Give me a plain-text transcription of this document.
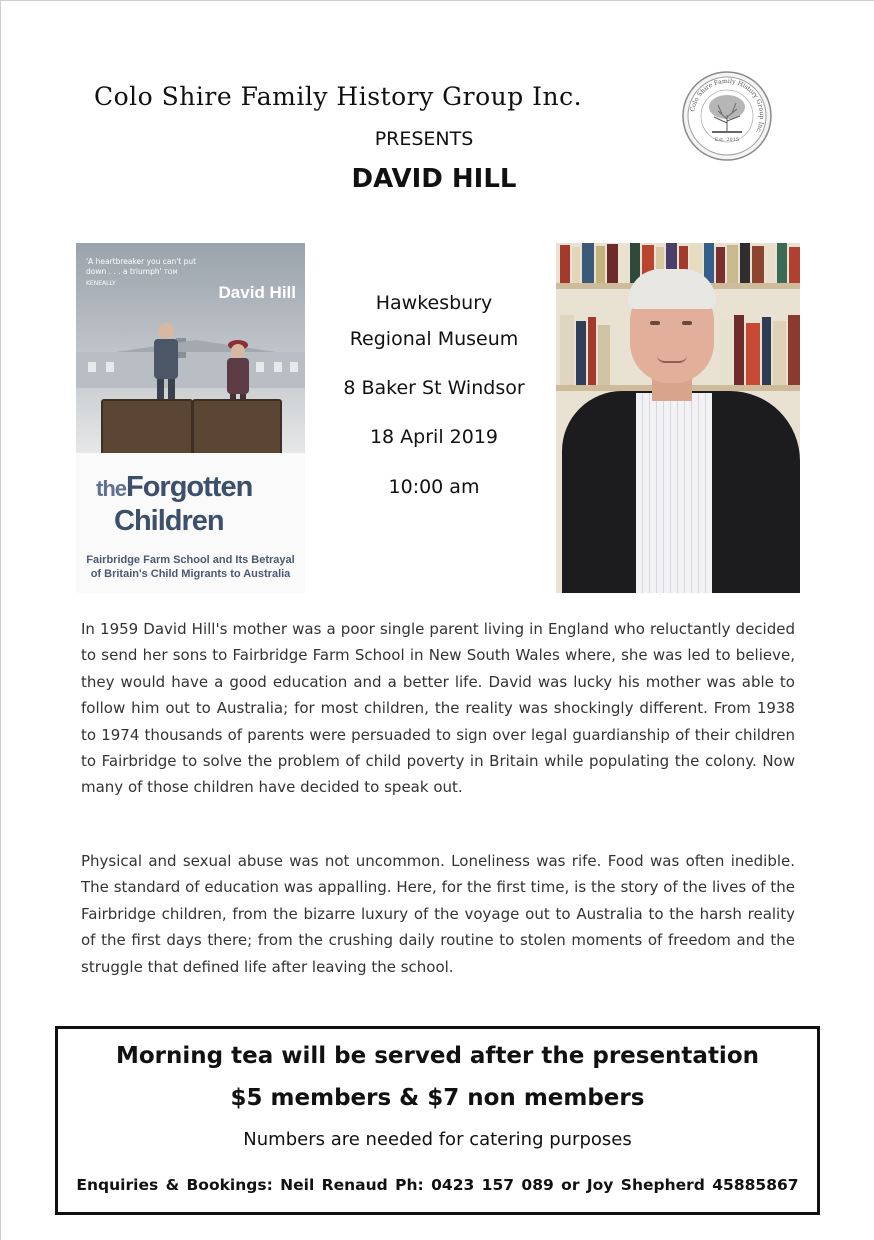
Colo Shire Family History Group Inc.
PRESENTS
DAVID HILL
Colo Shire Family History Group Inc.
Est. 2015
'A heartbreaker you can't put down . . . a triumph' TOM KENEALLY	David Hill
theForgotten
Children
Fairbridge Farm School and Its Betrayal of Britain's Child Migrants to Australia
Hawkesbury
Regional Museum
8 Baker St Windsor
18 April 2019
10:00 am

In 1959 David Hill's mother was a poor single parent living in England who reluctantly decided to send her sons to Fairbridge Farm School in New South Wales where, she was led to believe, they would have a good education and a better life. David was lucky his mother was able to follow him out to Australia; for most children, the reality was shockingly different. From 1938 to 1974 thousands of parents were persuaded to sign over legal guardianship of their children to Fairbridge to solve the problem of child poverty in Britain while populating the colony. Now many of those children have decided to speak out.

Physical and sexual abuse was not uncommon. Loneliness was rife. Food was often inedible. The standard of education was appalling. Here, for the first time, is the story of the lives of the Fairbridge children, from the bizarre luxury of the voyage out to Australia to the harsh reality of the first days there; from the crushing daily routine to stolen moments of freedom and the struggle that defined life after leaving the school.

Morning tea will be served after the presentation
$5 members & $7 non members
Numbers are needed for catering purposes
Enquiries & Bookings: Neil Renaud Ph: 0423 157 089 or Joy Shepherd 45885867
